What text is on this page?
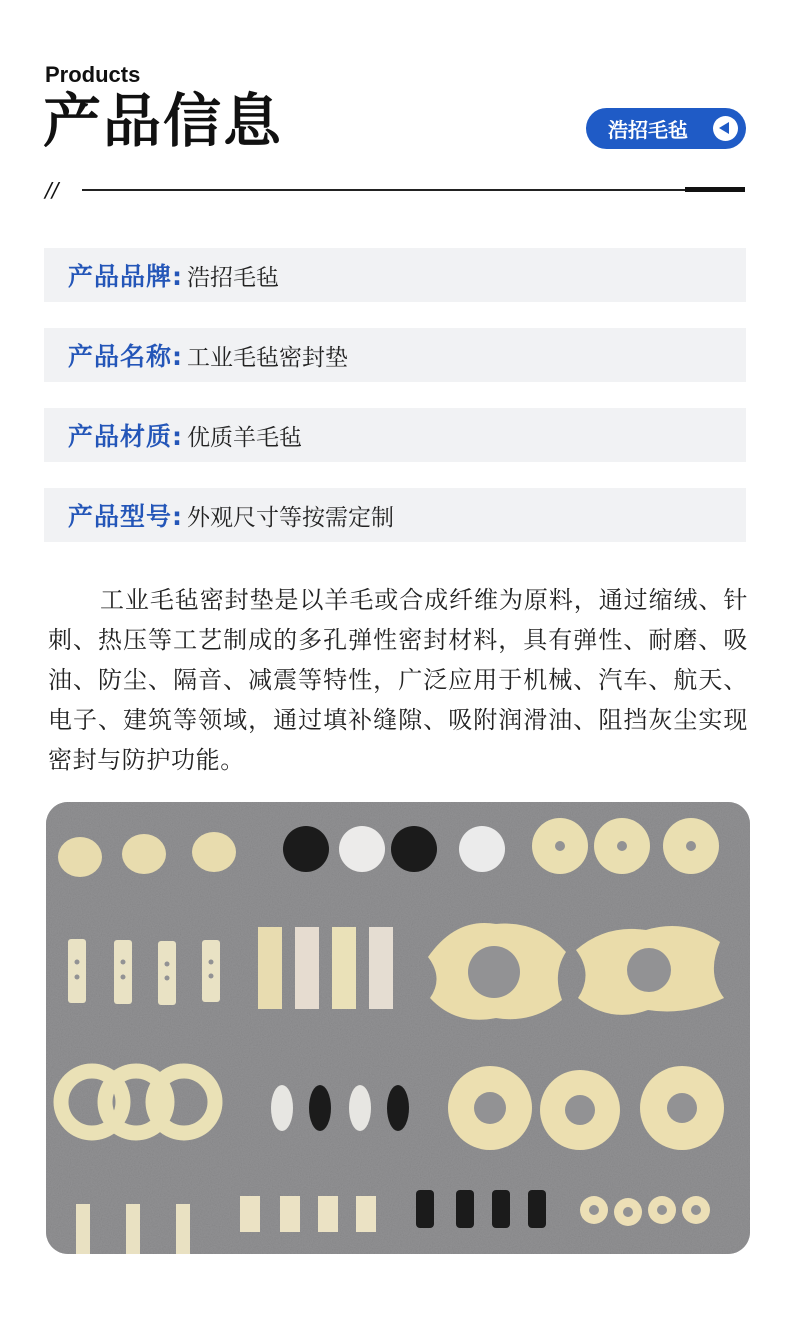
Products
产品信息	浩招毛毡
//
产品品牌: 浩招毛毡
产品名称: 工业毛毡密封垫
产品材质: 优质羊毛毡
产品型号: 外观尺寸等按需定制

工业毛毡密封垫是以羊毛或合成纤维为原料，通过缩绒、针刺、热压等工艺制成的多孔弹性密封材料，具有弹性、耐磨、吸油、防尘、隔音、减震等特性，广泛应用于机械、汽车、航天、电子、建筑等领域，通过填补缝隙、吸附润滑油、阻挡灰尘实现密封与防护功能。
